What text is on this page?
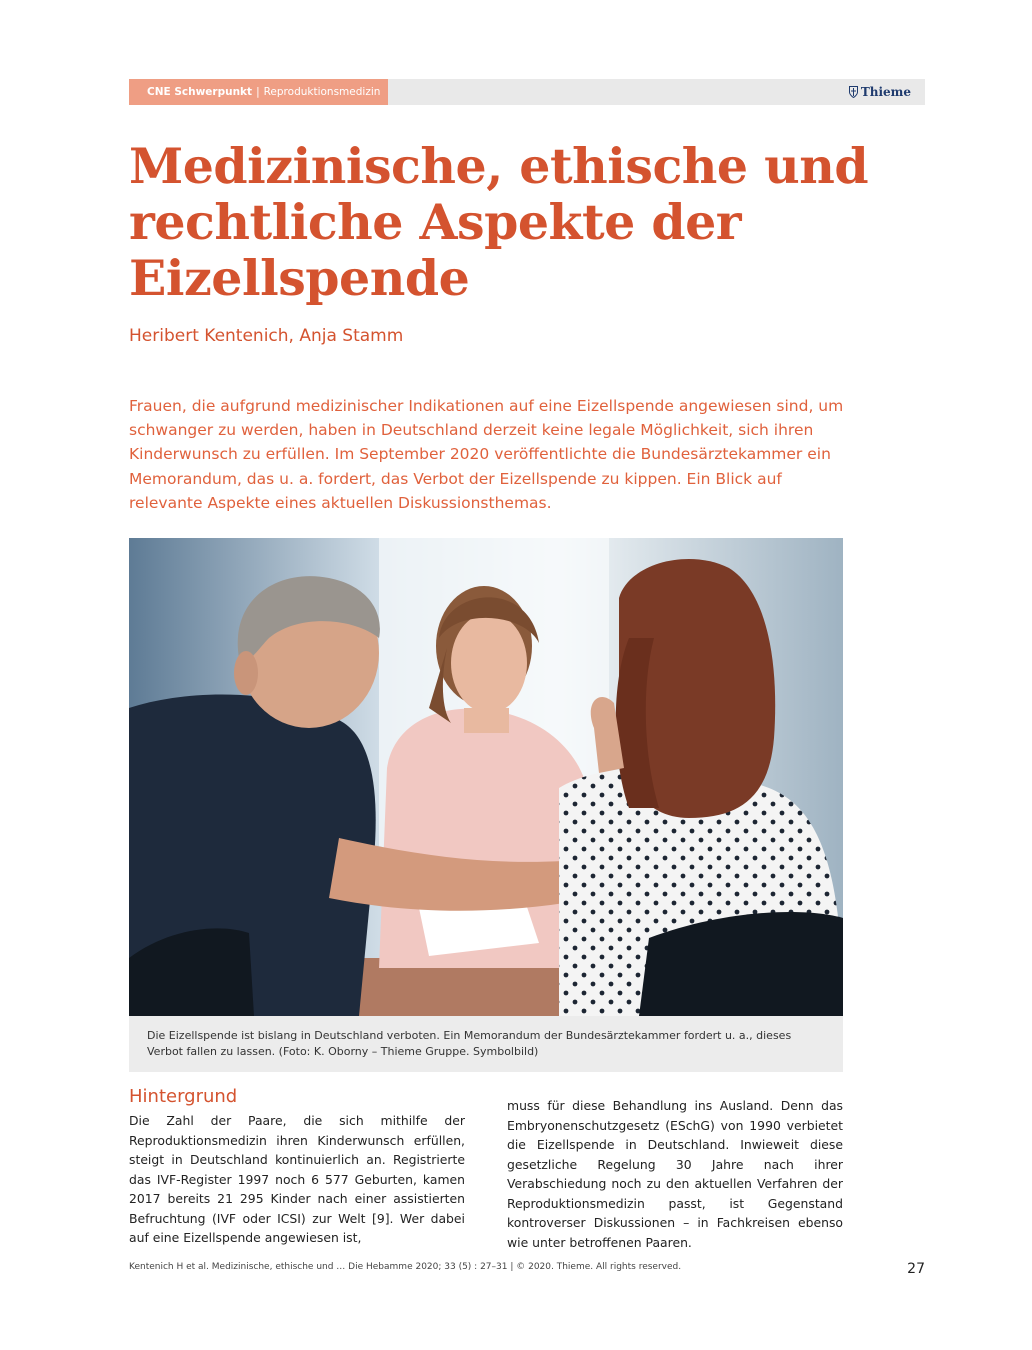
CNE Schwerpunkt | Reproduktionsmedizin	Thieme
Medizinische, ethische und rechtliche Aspekte der Eizellspende
Heribert Kentenich, Anja Stamm

Frauen, die aufgrund medizinischer Indikationen auf eine Eizellspende angewiesen sind, um schwanger zu werden, haben in Deutschland derzeit keine legale Möglichkeit, sich ihren Kinderwunsch zu erfüllen. Im September 2020 veröffentlichte die Bundesärztekammer ein Memorandum, das u. a. fordert, das Verbot der Eizellspende zu kippen. Ein Blick auf relevante Aspekte eines aktuellen Diskussionsthemas.

Die Eizellspende ist bislang in Deutschland verboten. Ein Memorandum der Bundesärztekammer fordert u. a., dieses Verbot fallen zu lassen. (Foto: K. Oborny – Thieme Gruppe. Symbolbild)
Hintergrund

Die Zahl der Paare, die sich mithilfe der Reproduktionsmedizin ihren Kinderwunsch erfüllen, steigt in Deutschland kontinuierlich an. Registrierte das IVF-Register 1997 noch 6 577 Geburten, kamen 2017 bereits 21 295 Kinder nach einer assistierten Befruchtung (IVF oder ICSI) zur Welt [9]. Wer dabei auf eine Eizellspende angewiesen ist,

muss für diese Behandlung ins Ausland. Denn das Embryonenschutzgesetz (ESchG) von 1990 verbietet die Eizellspende in Deutschland. Inwieweit diese gesetzliche Regelung 30 Jahre nach ihrer Verabschiedung noch zu den aktuellen Verfahren der Reproduktionsmedizin passt, ist Gegenstand kontroverser Diskussionen – in Fachkreisen ebenso wie unter betroffenen Paaren.

Kentenich H et al. Medizinische, ethische und … Die Hebamme 2020; 33 (5) : 27–31 | © 2020. Thieme. All rights reserved.	27
